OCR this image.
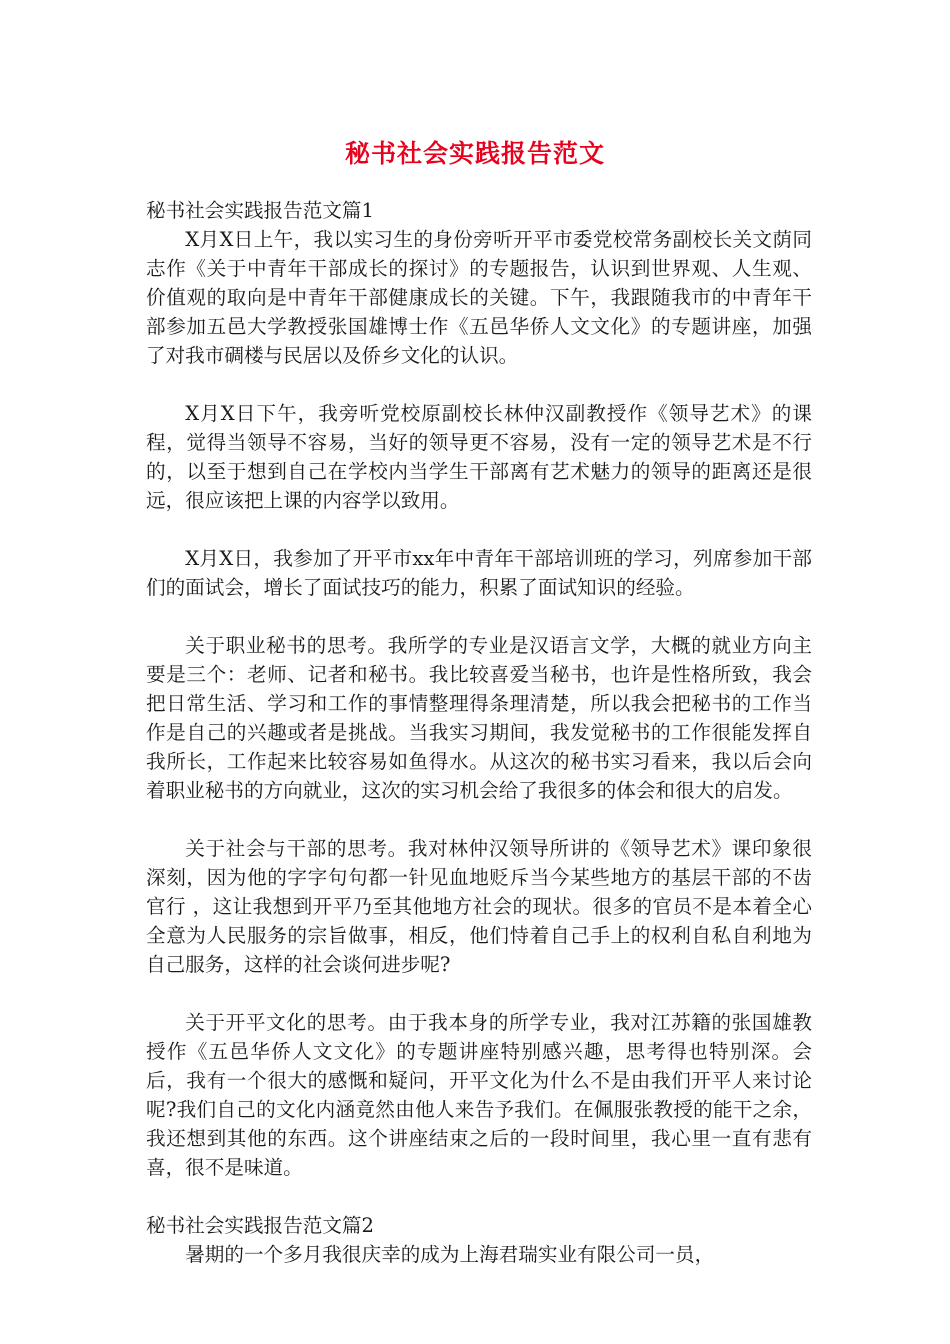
秘书社会实践报告范文

秘书社会实践报告范文篇1

X月X日上午，我以实习生的身份旁听开平市委党校常务副校长关文荫同志作《关于中青年干部成长的探讨》的专题报告，认识到世界观、人生观、价值观的取向是中青年干部健康成长的关键。下午，我跟随我市的中青年干部参加五邑大学教授张国雄博士作《五邑华侨人文文化》的专题讲座，加强了对我市碉楼与民居以及侨乡文化的认识。

X月X日下午，我旁听党校原副校长林仲汉副教授作《领导艺术》的课程，觉得当领导不容易，当好的领导更不容易，没有一定的领导艺术是不行的，以至于想到自己在学校内当学生干部离有艺术魅力的领导的距离还是很远，很应该把上课的内容学以致用。

X月X日，我参加了开平市xx年中青年干部培训班的学习，列席参加干部们的面试会，增长了面试技巧的能力，积累了面试知识的经验。

关于职业秘书的思考。我所学的专业是汉语言文学，大概的就业方向主要是三个：老师、记者和秘书。我比较喜爱当秘书，也许是性格所致，我会把日常生活、学习和工作的事情整理得条理清楚，所以我会把秘书的工作当作是自己的兴趣或者是挑战。当我实习期间，我发觉秘书的工作很能发挥自我所长，工作起来比较容易如鱼得水。从这次的秘书实习看来，我以后会向着职业秘书的方向就业，这次的实习机会给了我很多的体会和很大的启发。

关于社会与干部的思考。我对林仲汉领导所讲的《领导艺术》课印象很深刻，因为他的字字句句都一针见血地贬斥当今某些地方的基层干部的不齿 官行 ，这让我想到开平乃至其他地方社会的现状。很多的官员不是本着全心全意为人民服务的宗旨做事，相反，他们恃着自己手上的权利自私自利地为自己服务，这样的社会谈何进步呢?

关于开平文化的思考。由于我本身的所学专业，我对江苏籍的张国雄教授作《五邑华侨人文文化》的专题讲座特别感兴趣，思考得也特别深。会后，我有一个很大的感慨和疑问，开平文化为什么不是由我们开平人来讨论呢?我们自己的文化内涵竟然由他人来告予我们。在佩服张教授的能干之余，我还想到其他的东西。这个讲座结束之后的一段时间里，我心里一直有悲有喜，很不是味道。

秘书社会实践报告范文篇2

暑期的一个多月我很庆幸的成为上海君瑞实业有限公司一员，
